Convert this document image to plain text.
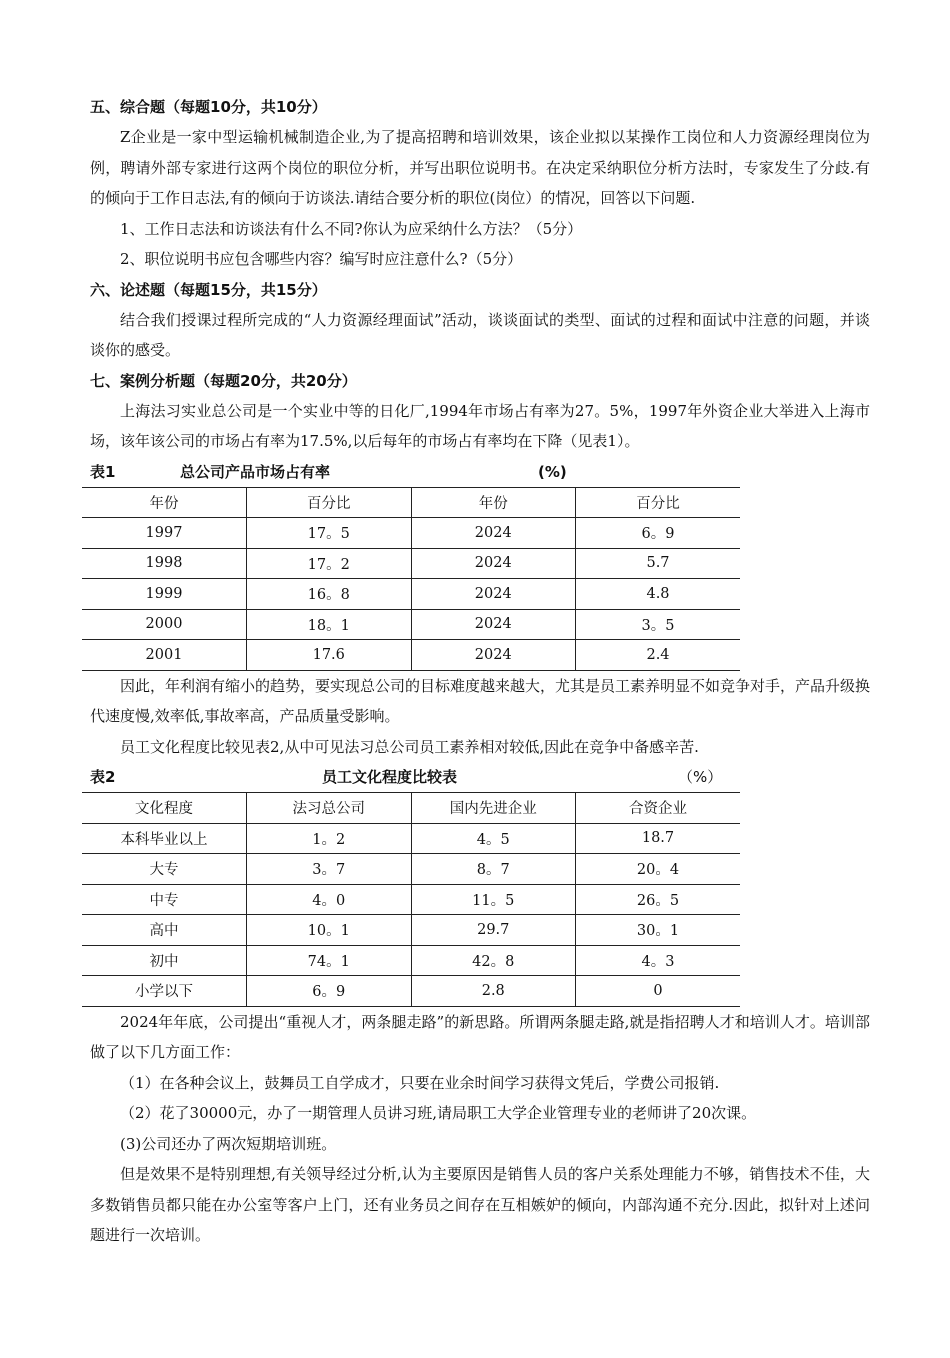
五、综合题（每题10分，共10分）
Z企业是一家中型运输机械制造企业,为了提高招聘和培训效果，该企业拟以某操作工岗位和人力资源经理岗位为例，聘请外部专家进行这两个岗位的职位分析，并写出职位说明书。在决定采纳职位分析方法时，专家发生了分歧.有的倾向于工作日志法,有的倾向于访谈法.请结合要分析的职位(岗位）的情况，回答以下问题.
1、工作日志法和访谈法有什么不同?你认为应采纳什么方法？（5分）
2、职位说明书应包含哪些内容？编写时应注意什么?（5分）
六、论述题（每题15分，共15分）
结合我们授课过程所完成的“人力资源经理面试”活动，谈谈面试的类型、面试的过程和面试中注意的问题，并谈谈你的感受。
七、案例分析题（每题20分，共20分）
上海法习实业总公司是一个实业中等的日化厂,1994年市场占有率为27。5%，1997年外资企业大举进入上海市场，该年该公司的市场占有率为17.5%,以后每年的市场占有率均在下降（见表1）。
表1	总公司产品市场占有率	(%)
年份	百分比	年份	百分比
1997	17。5	2024	6。9
1998	17。2	2024	5.7
1999	16。8	2024	4.8
2000	18。1	2024	3。5
2001	17.6	2024	2.4
因此，年利润有缩小的趋势，要实现总公司的目标难度越来越大，尤其是员工素养明显不如竞争对手，产品升级换代速度慢,效率低,事故率高，产品质量受影响。
员工文化程度比较见表2,从中可见法习总公司员工素养相对较低,因此在竞争中备感辛苦.
表2	员工文化程度比较表	（%）
文化程度	法习总公司	国内先进企业	合资企业
本科毕业以上	1。2	4。5	18.7
大专	3。7	8。7	20。4
中专	4。0	11。5	26。5
高中	10。1	29.7	30。1
初中	74。1	42。8	4。3
小学以下	6。9	2.8	0
2024年年底，公司提出“重视人才，两条腿走路”的新思路。所谓两条腿走路,就是指招聘人才和培训人才。培训部做了以下几方面工作：
（1）在各种会议上，鼓舞员工自学成才，只要在业余时间学习获得文凭后，学费公司报销.
（2）花了30000元，办了一期管理人员讲习班,请局职工大学企业管理专业的老师讲了20次课。
(3)公司还办了两次短期培训班。
但是效果不是特别理想,有关领导经过分析,认为主要原因是销售人员的客户关系处理能力不够，销售技术不佳，大多数销售员都只能在办公室等客户上门，还有业务员之间存在互相嫉妒的倾向，内部沟通不充分.因此，拟针对上述问题进行一次培训。
